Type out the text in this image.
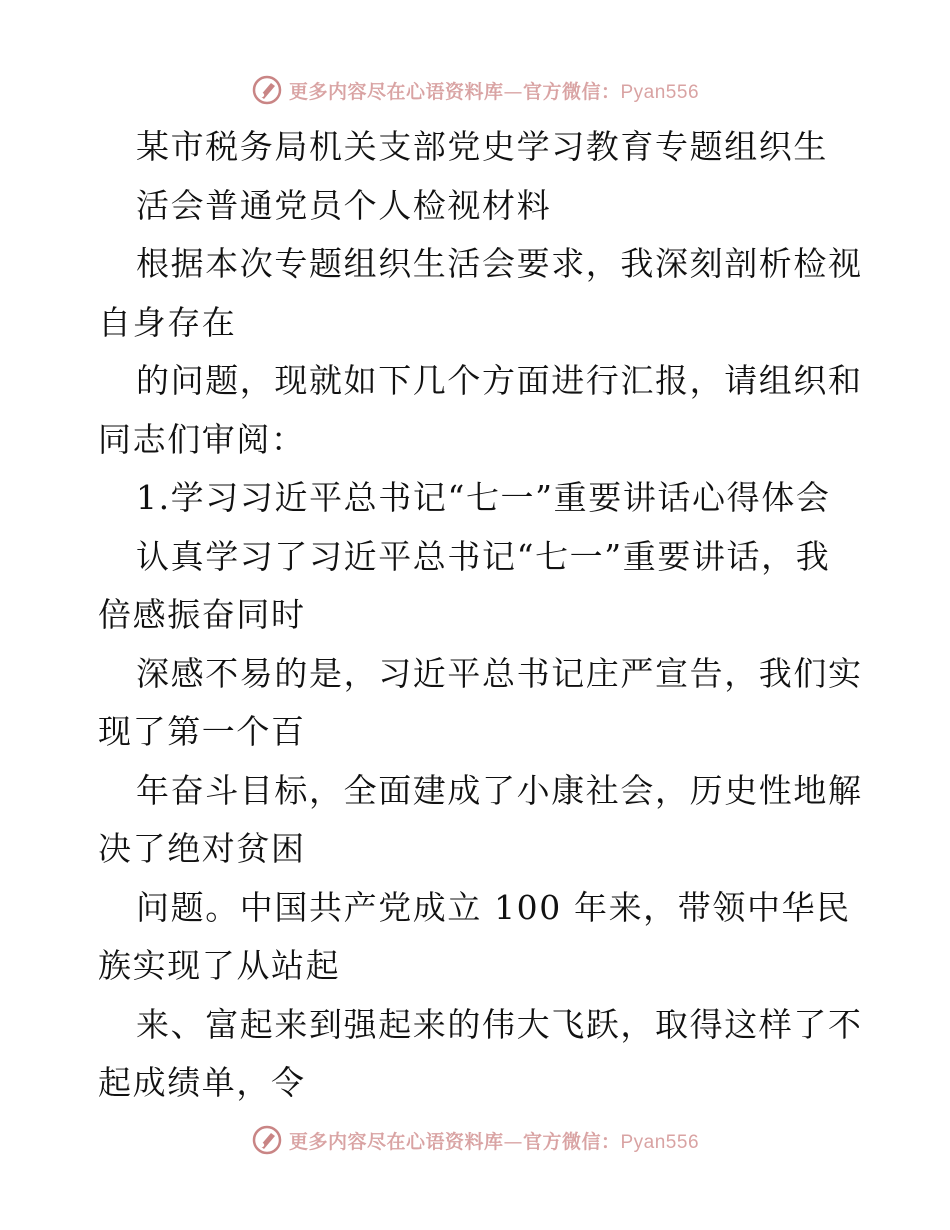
更多内容尽在心语资料库—官方微信：Pyan556
某市税务局机关支部党史学习教育专题组织生
活会普通党员个人检视材料
根据本次专题组织生活会要求，我深刻剖析检视
自身存在
的问题，现就如下几个方面进行汇报，请组织和
同志们审阅：
1.学习习近平总书记“七一”重要讲话心得体会
认真学习了习近平总书记“七一”重要讲话，我
倍感振奋同时
深感不易的是，习近平总书记庄严宣告，我们实
现了第一个百
年奋斗目标，全面建成了小康社会，历史性地解
决了绝对贫困
问题。中国共产党成立 100 年来，带领中华民
族实现了从站起
来、富起来到强起来的伟大飞跃，取得这样了不
起成绩单，令
更多内容尽在心语资料库—官方微信：Pyan556
